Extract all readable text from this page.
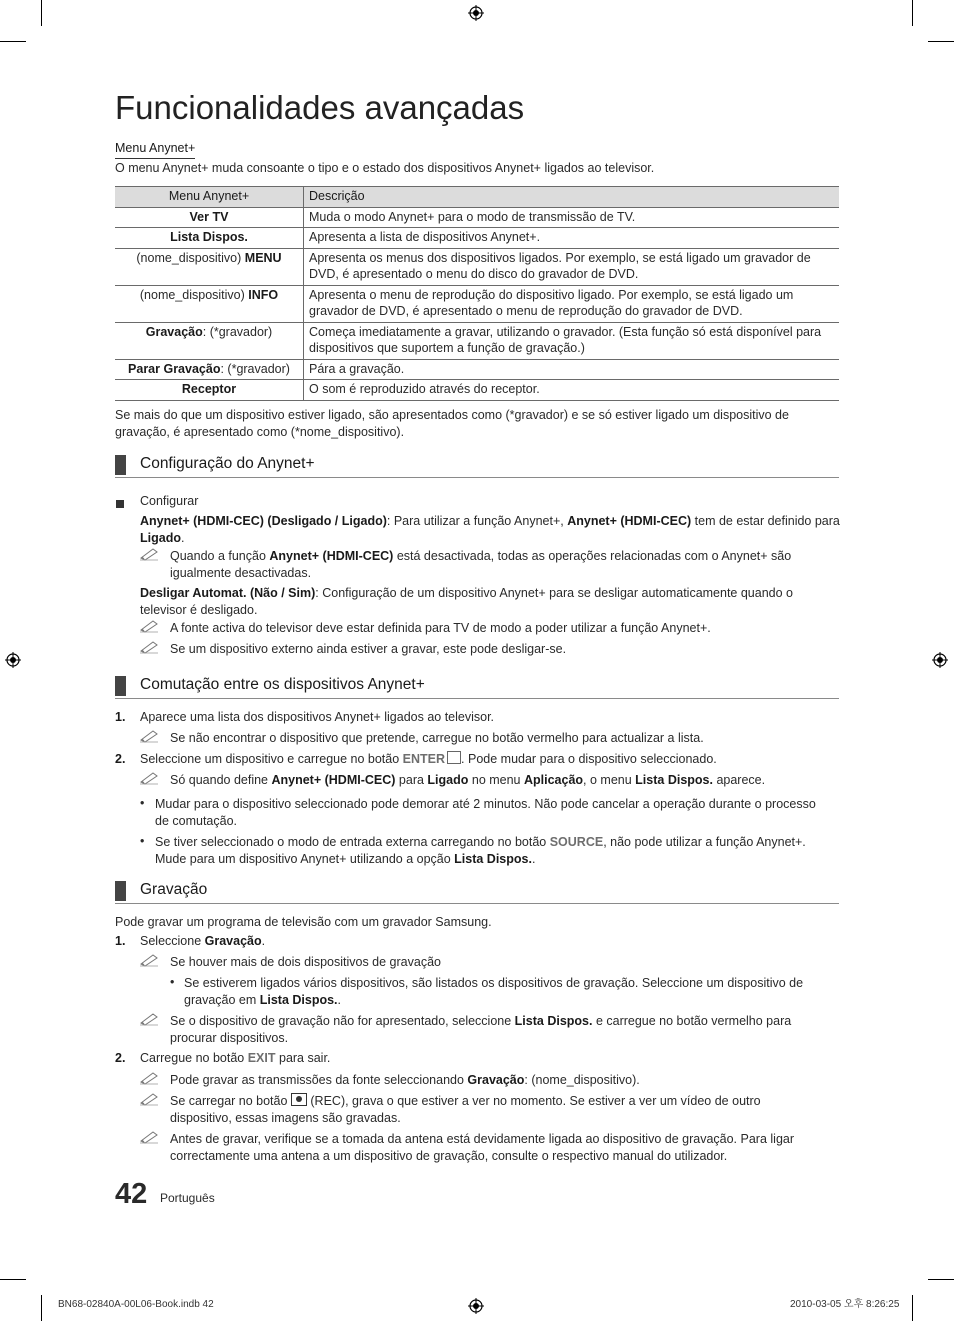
Funcionalidades avançadas
Menu Anynet+
O menu Anynet+ muda consoante o tipo e o estado dos dispositivos Anynet+ ligados ao televisor.
Menu Anynet+	Descrição
Ver TV	Muda o modo Anynet+ para o modo de transmissão de TV.
Lista Dispos.	Apresenta a lista de dispositivos Anynet+.
(nome_dispositivo) MENU	Apresenta os menus dos dispositivos ligados. Por exemplo, se está ligado um gravador de DVD, é apresentado o menu do disco do gravador de DVD.
(nome_dispositivo) INFO	Apresenta o menu de reprodução do dispositivo ligado. Por exemplo, se está ligado um gravador de DVD, é apresentado o menu de reprodução do gravador de DVD.
Gravação: (*gravador)	Começa imediatamente a gravar, utilizando o gravador. (Esta função só está disponível para dispositivos que suportem a função de gravação.)
Parar Gravação: (*gravador)	Pára a gravação.
Receptor	O som é reproduzido através do receptor.
Se mais do que um dispositivo estiver ligado, são apresentados como (*gravador) e se só estiver ligado um dispositivo de gravação, é apresentado como (*nome_dispositivo).
Configuração do Anynet+
Configurar
Anynet+ (HDMI-CEC) (Desligado / Ligado): Para utilizar a função Anynet+, Anynet+ (HDMI-CEC) tem de estar definido para Ligado.
Quando a função Anynet+ (HDMI-CEC) está desactivada, todas as operações relacionadas com o Anynet+ são igualmente desactivadas.
Desligar Automat. (Não / Sim): Configuração de um dispositivo Anynet+ para se desligar automaticamente quando o televisor é desligado.
A fonte activa do televisor deve estar definida para TV de modo a poder utilizar a função Anynet+.
Se um dispositivo externo ainda estiver a gravar, este pode desligar-se.
Comutação entre os dispositivos Anynet+
1. Aparece uma lista dos dispositivos Anynet+ ligados ao televisor.
Se não encontrar o dispositivo que pretende, carregue no botão vermelho para actualizar a lista.
2. Seleccione um dispositivo e carregue no botão ENTER . Pode mudar para o dispositivo seleccionado.
Só quando define Anynet+ (HDMI-CEC) para Ligado no menu Aplicação, o menu Lista Dispos. aparece.
• Mudar para o dispositivo seleccionado pode demorar até 2 minutos. Não pode cancelar a operação durante o processo de comutação.
• Se tiver seleccionado o modo de entrada externa carregando no botão SOURCE, não pode utilizar a função Anynet+. Mude para um dispositivo Anynet+ utilizando a opção Lista Dispos..
Gravação
Pode gravar um programa de televisão com um gravador Samsung.
1. Seleccione Gravação.
Se houver mais de dois dispositivos de gravação
• Se estiverem ligados vários dispositivos, são listados os dispositivos de gravação. Seleccione um dispositivo de gravação em Lista Dispos..
Se o dispositivo de gravação não for apresentado, seleccione Lista Dispos. e carregue no botão vermelho para procurar dispositivos.
2. Carregue no botão EXIT para sair.
Pode gravar as transmissões da fonte seleccionando Gravação: (nome_dispositivo).
Se carregar no botão  (REC), grava o que estiver a ver no momento. Se estiver a ver um vídeo de outro dispositivo, essas imagens são gravadas.
Antes de gravar, verifique se a tomada da antena está devidamente ligada ao dispositivo de gravação. Para ligar correctamente uma antena a um dispositivo de gravação, consulte o respectivo manual do utilizador.
42 Português
BN68-02840A-00L06-Book.indb 42	2010-03-05 오후 8:26:25
